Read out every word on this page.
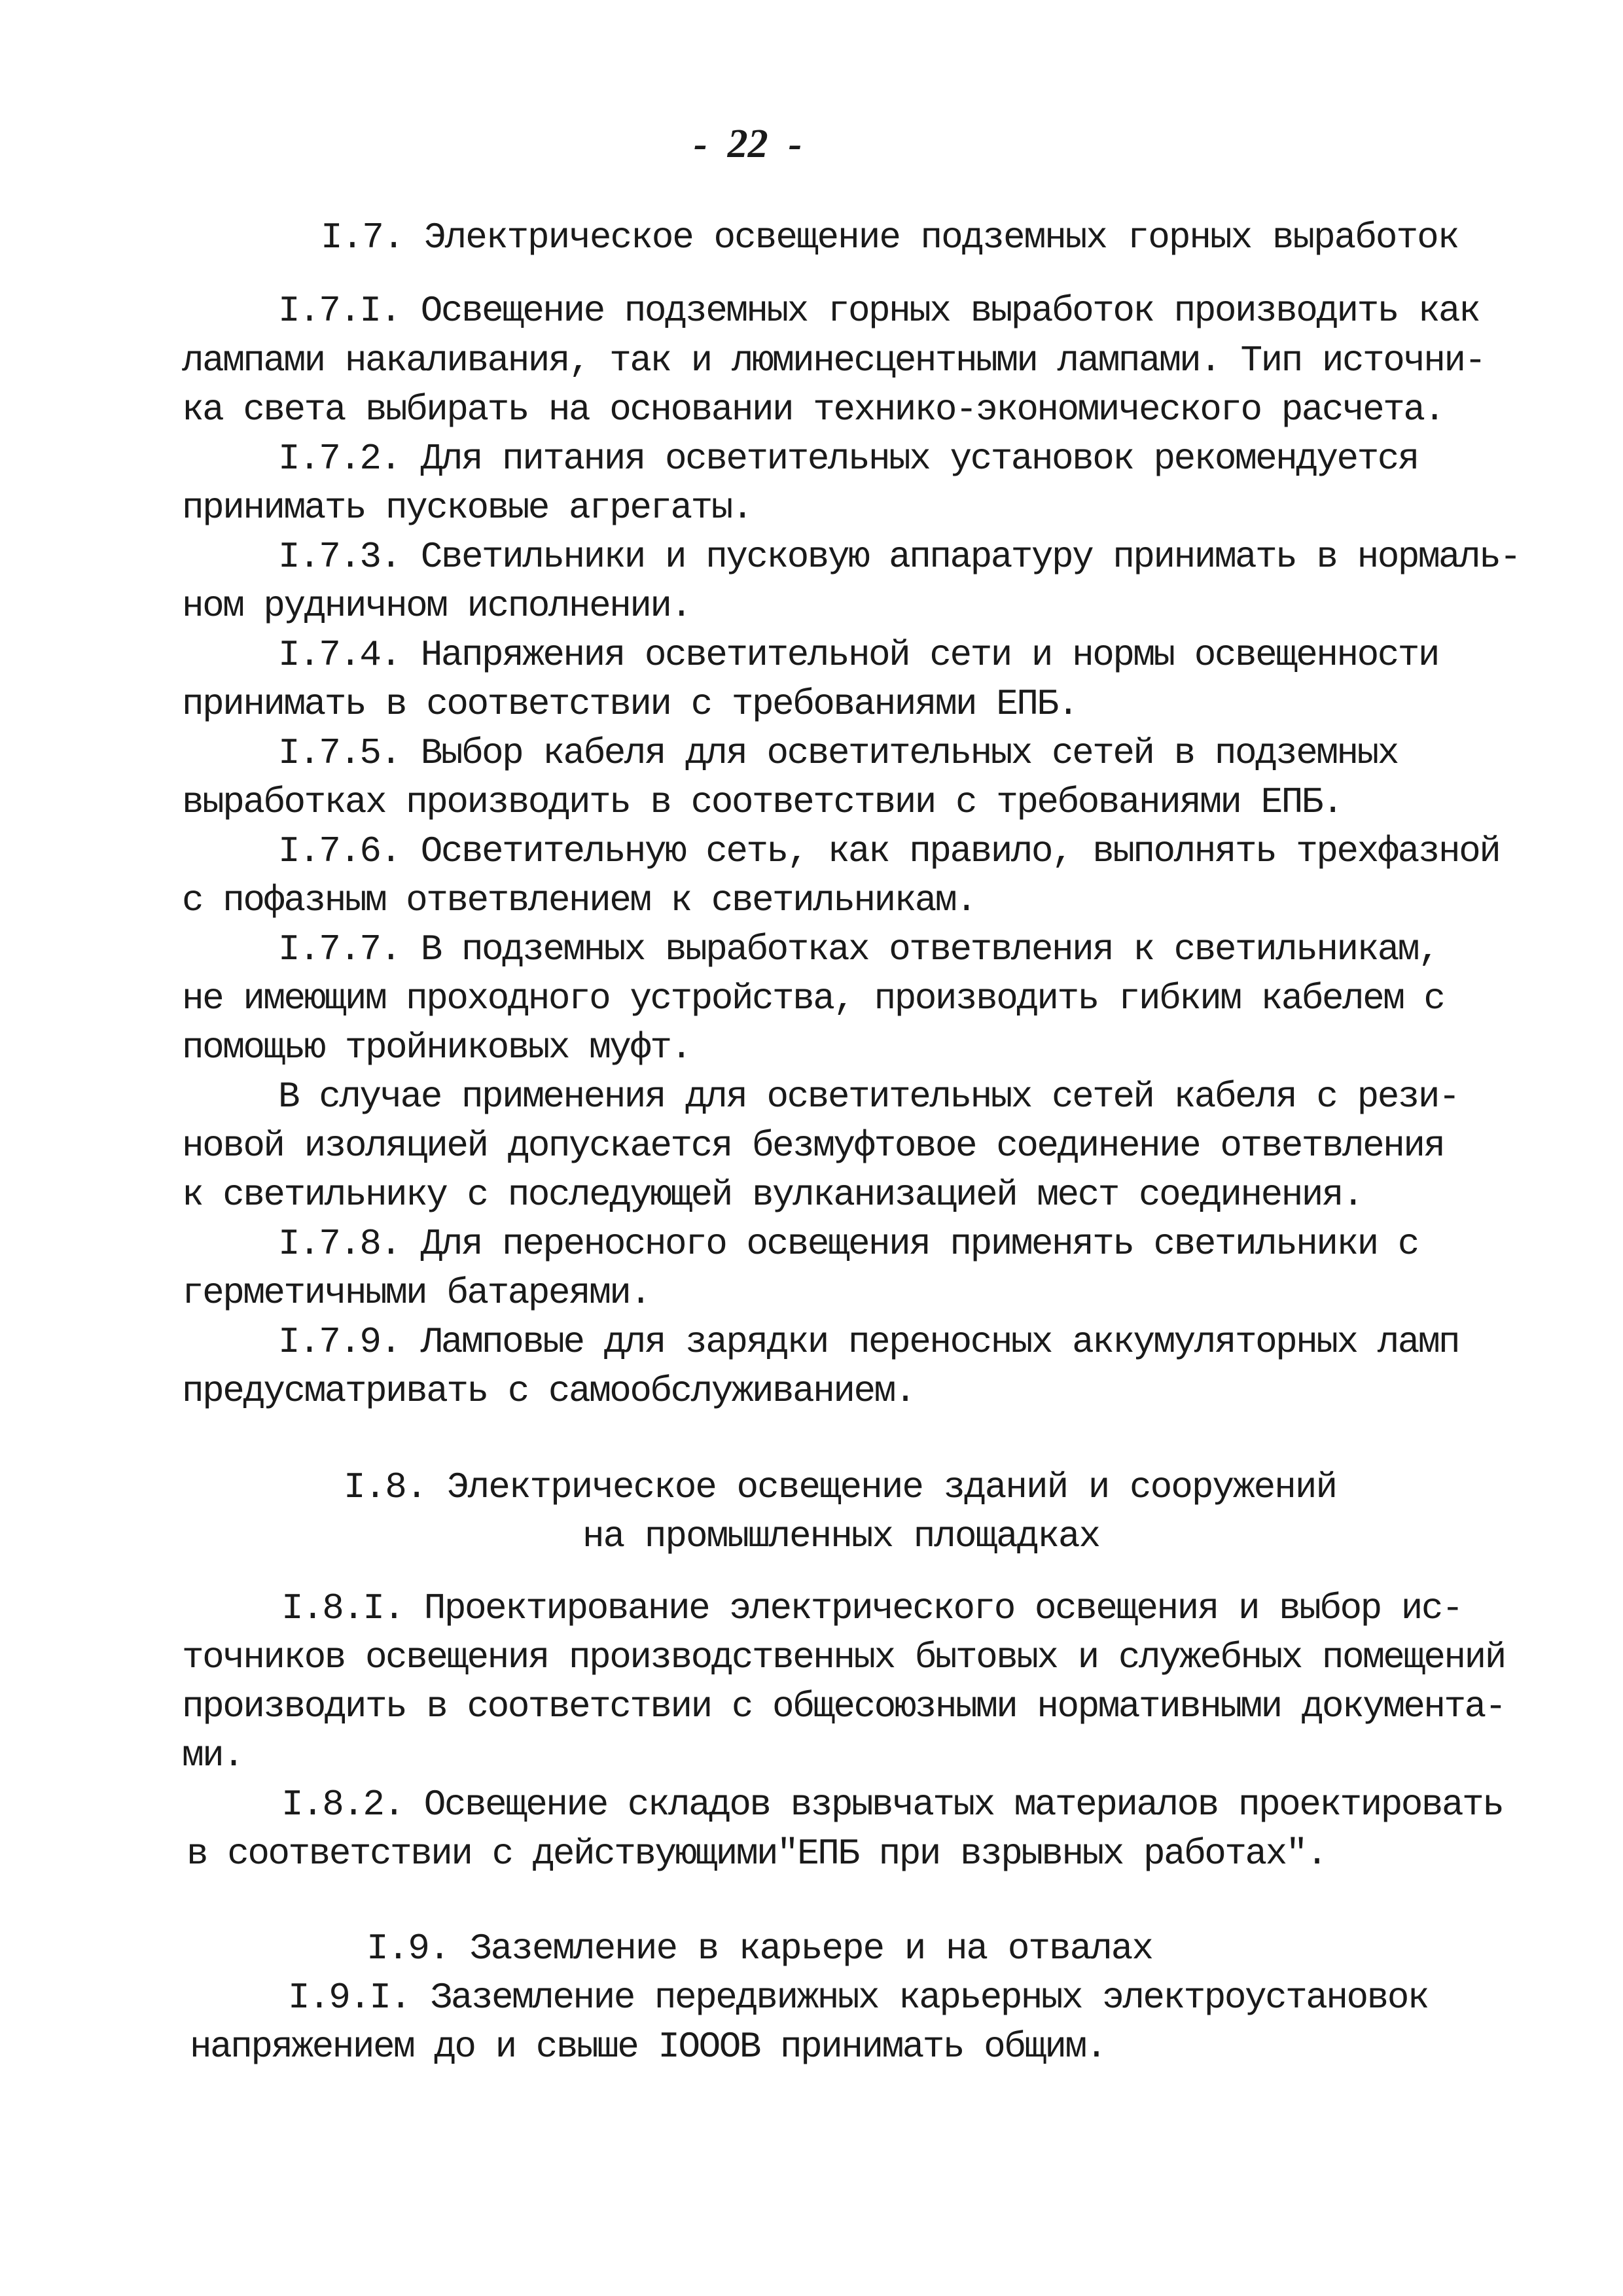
-  22  -
I.7. Электрическое освещение подземных горных выработок
I.7.I. Освещение подземных горных выработок производить как
лампами накаливания, так и люминесцентными лампами. Тип источни-
ка света выбирать на основании технико-экономического расчета.
I.7.2. Для питания осветительных установок рекомендуется
принимать пусковые агрегаты.
I.7.3. Светильники и пусковую аппаратуру принимать в нормаль-
ном рудничном исполнении.
I.7.4. Напряжения осветительной сети и нормы освещенности
принимать в соответствии с требованиями ЕПБ.
I.7.5. Выбор кабеля для осветительных сетей в подземных
выработках производить в соответствии с требованиями ЕПБ.
I.7.6. Осветительную сеть, как правило, выполнять трехфазной
с пофазным ответвлением к светильникам.
I.7.7. В подземных выработках ответвления к светильникам,
не имеющим проходного устройства, производить гибким кабелем с
помощью тройниковых муфт.
В случае применения для осветительных сетей кабеля с рези-
новой изоляцией допускается безмуфтовое соединение ответвления
к светильнику с последующей вулканизацией мест соединения.
I.7.8. Для переносного освещения применять светильники с
герметичными батареями.
I.7.9. Ламповые для зарядки переносных аккумуляторных ламп
предусматривать с самообслуживанием.
I.8. Электрическое освещение зданий и сооружений
на промышленных площадках
I.8.I. Проектирование электрического освещения и выбор ис-
точников освещения производственных бытовых и служебных помещений
производить в соответствии с общесоюзными нормативными документа-
ми.
I.8.2. Освещение складов взрывчатых материалов проектировать
в соответствии с действующими"ЕПБ при взрывных работах".
I.9. Заземление в карьере и на отвалах
I.9.I. Заземление передвижных карьерных электроустановок
напряжением до и свыше IOOOВ принимать общим.
